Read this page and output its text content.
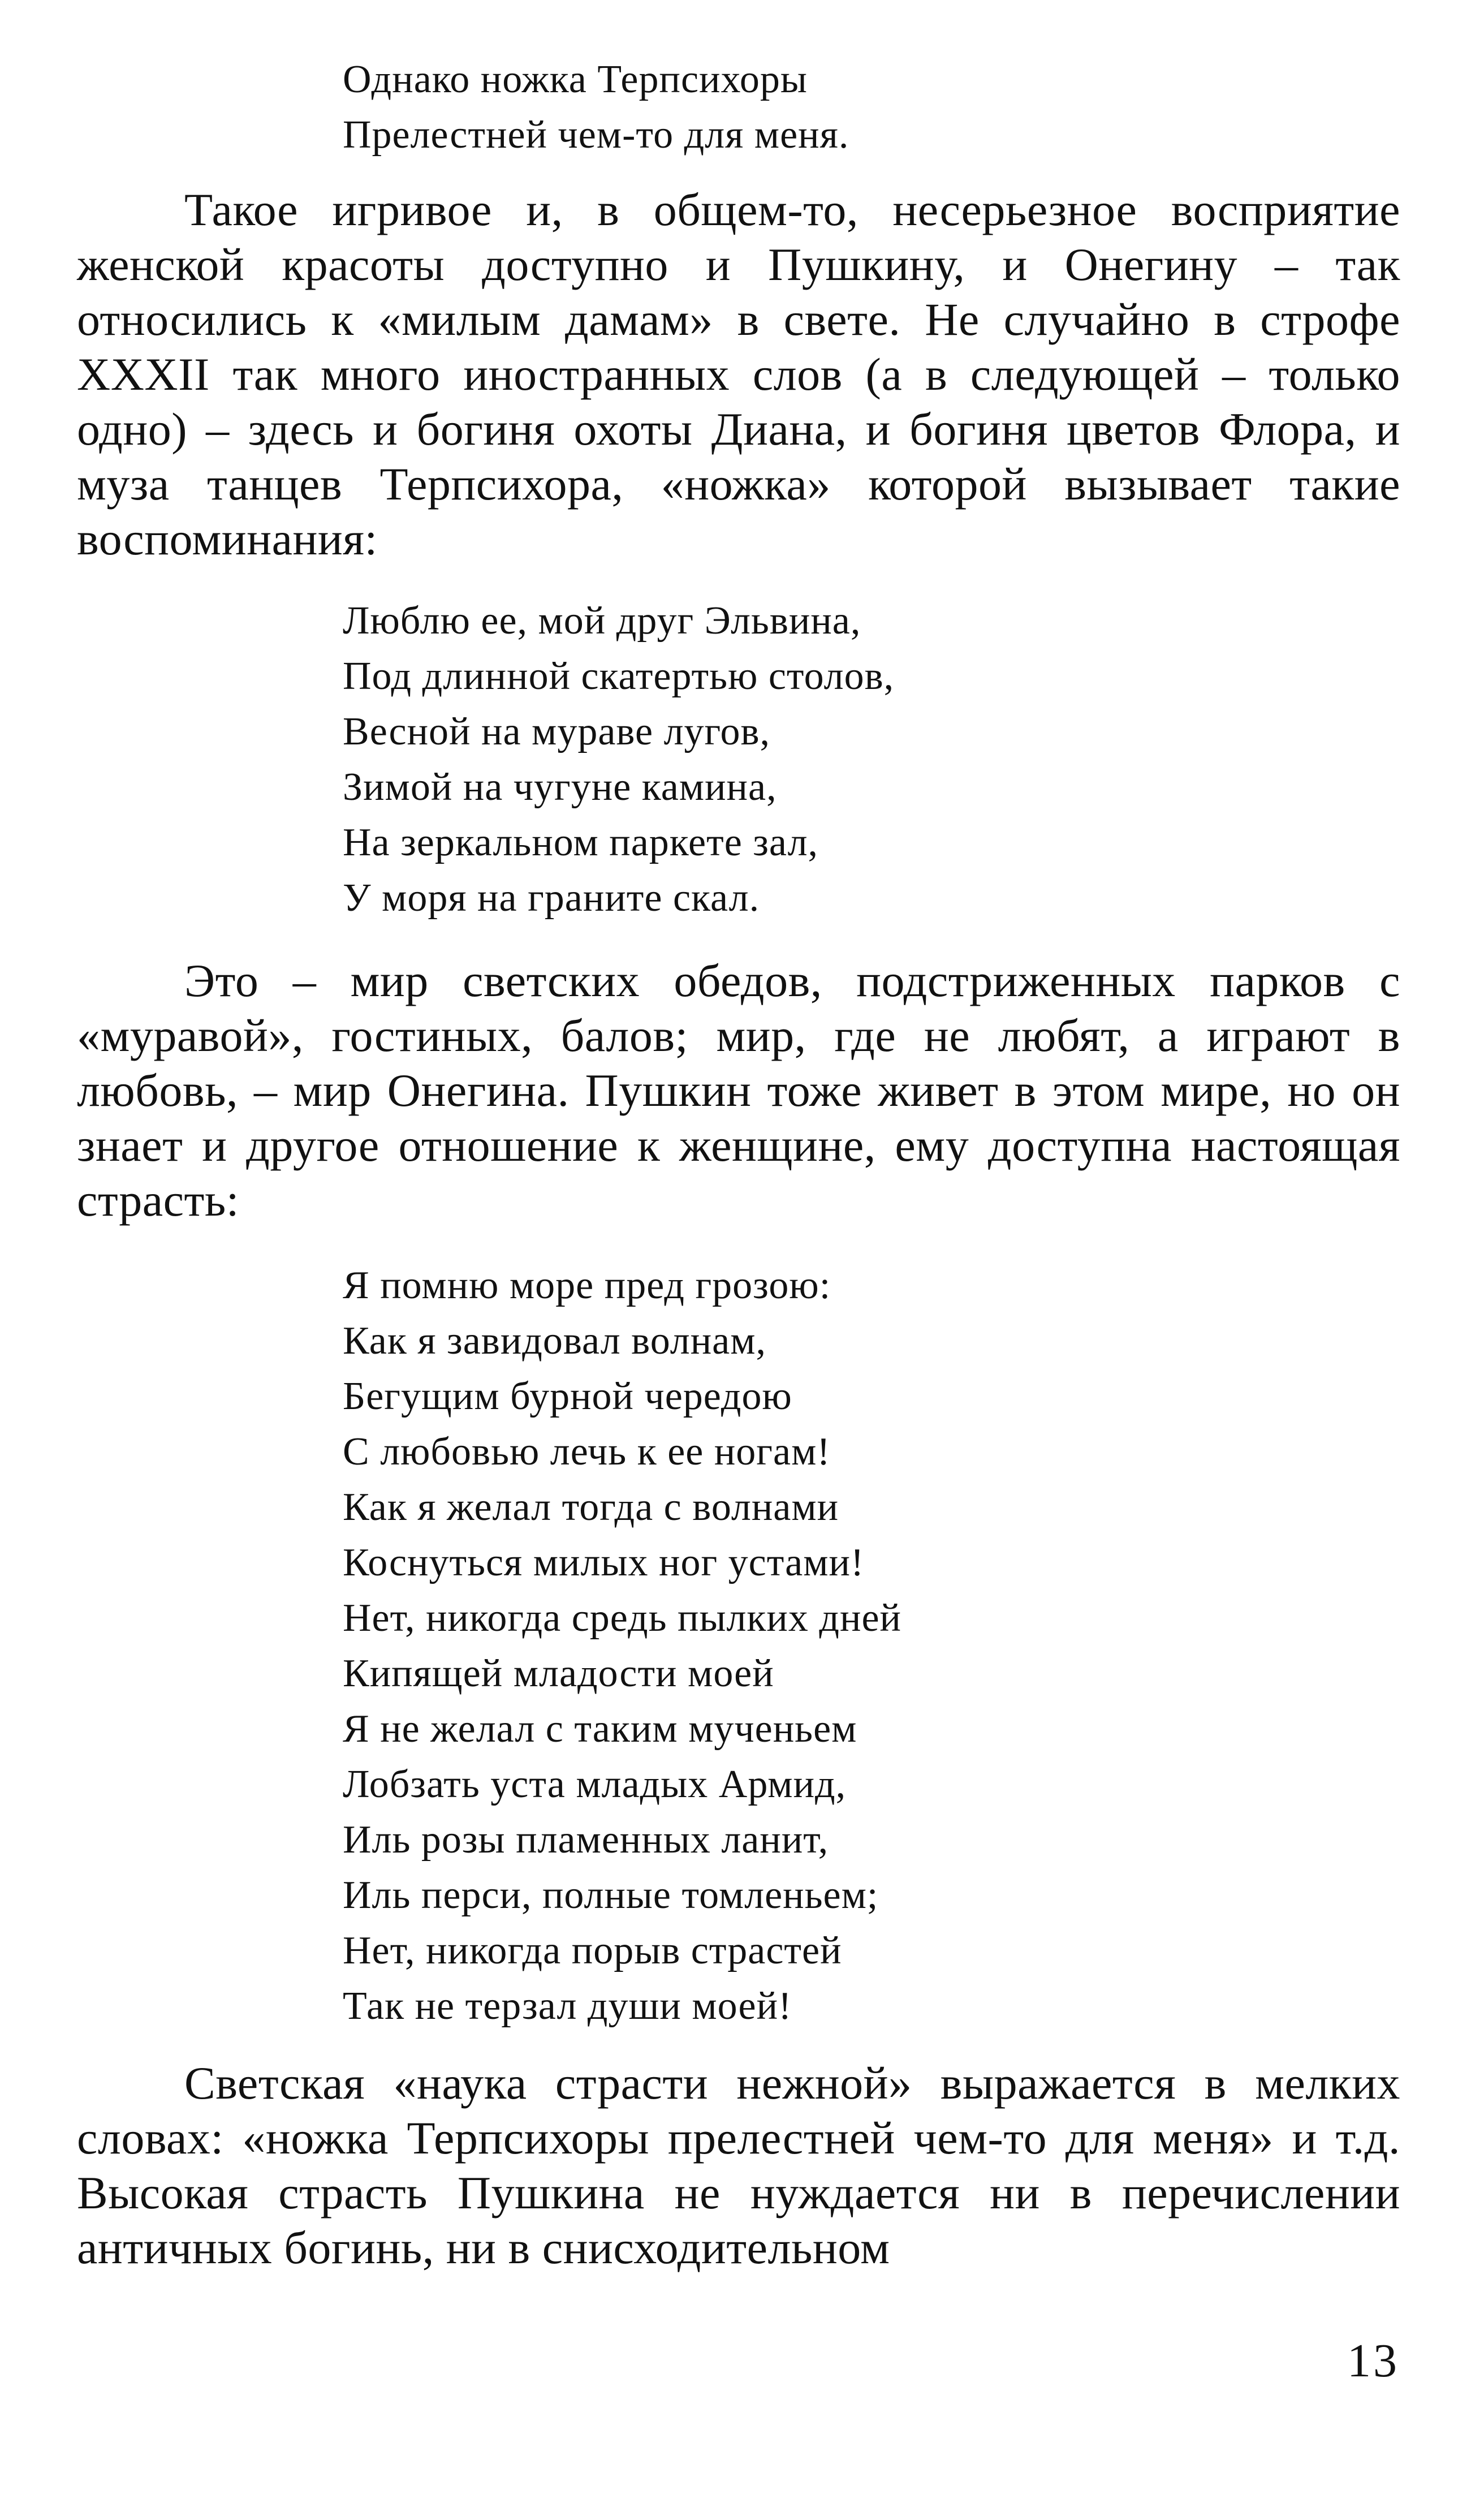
Однако ножка Терпсихоры
Прелестней чем-то для меня.

Такое игривое и, в общем-то, несерьезное восприятие женской красоты доступно и Пушкину, и Онегину – так относились к «милым дамам» в свете. Не случайно в строфе XXXII так много иностранных слов (а в следующей – только одно) – здесь и богиня охоты Диана, и богиня цветов Флора, и муза танцев Терпсихора, «ножка» которой вызывает такие воспоминания:

Люблю ее, мой друг Эльвина,
Под длинной скатертью столов,
Весной на мураве лугов,
Зимой на чугуне камина,
На зеркальном паркете зал,
У моря на граните скал.

Это – мир светских обедов, подстриженных парков с «муравой», гостиных, балов; мир, где не любят, а играют в любовь, – мир Онегина. Пушкин тоже живет в этом мире, но он знает и другое отношение к женщине, ему доступна настоящая страсть:

Я помню море пред грозою:
Как я завидовал волнам,
Бегущим бурной чередою
С любовью лечь к ее ногам!
Как я желал тогда с волнами
Коснуться милых ног устами!
Нет, никогда средь пылких дней
Кипящей младости моей
Я не желал с таким мученьем
Лобзать уста младых Армид,
Иль розы пламенных ланит,
Иль перси, полные томленьем;
Нет, никогда порыв страстей
Так не терзал души моей!

Светская «наука страсти нежной» выражается в мелких словах: «ножка Терпсихоры прелестней чем-то для меня» и т.д. Высокая страсть Пушкина не нуждается ни в перечислении античных богинь, ни в снисходительном

13
